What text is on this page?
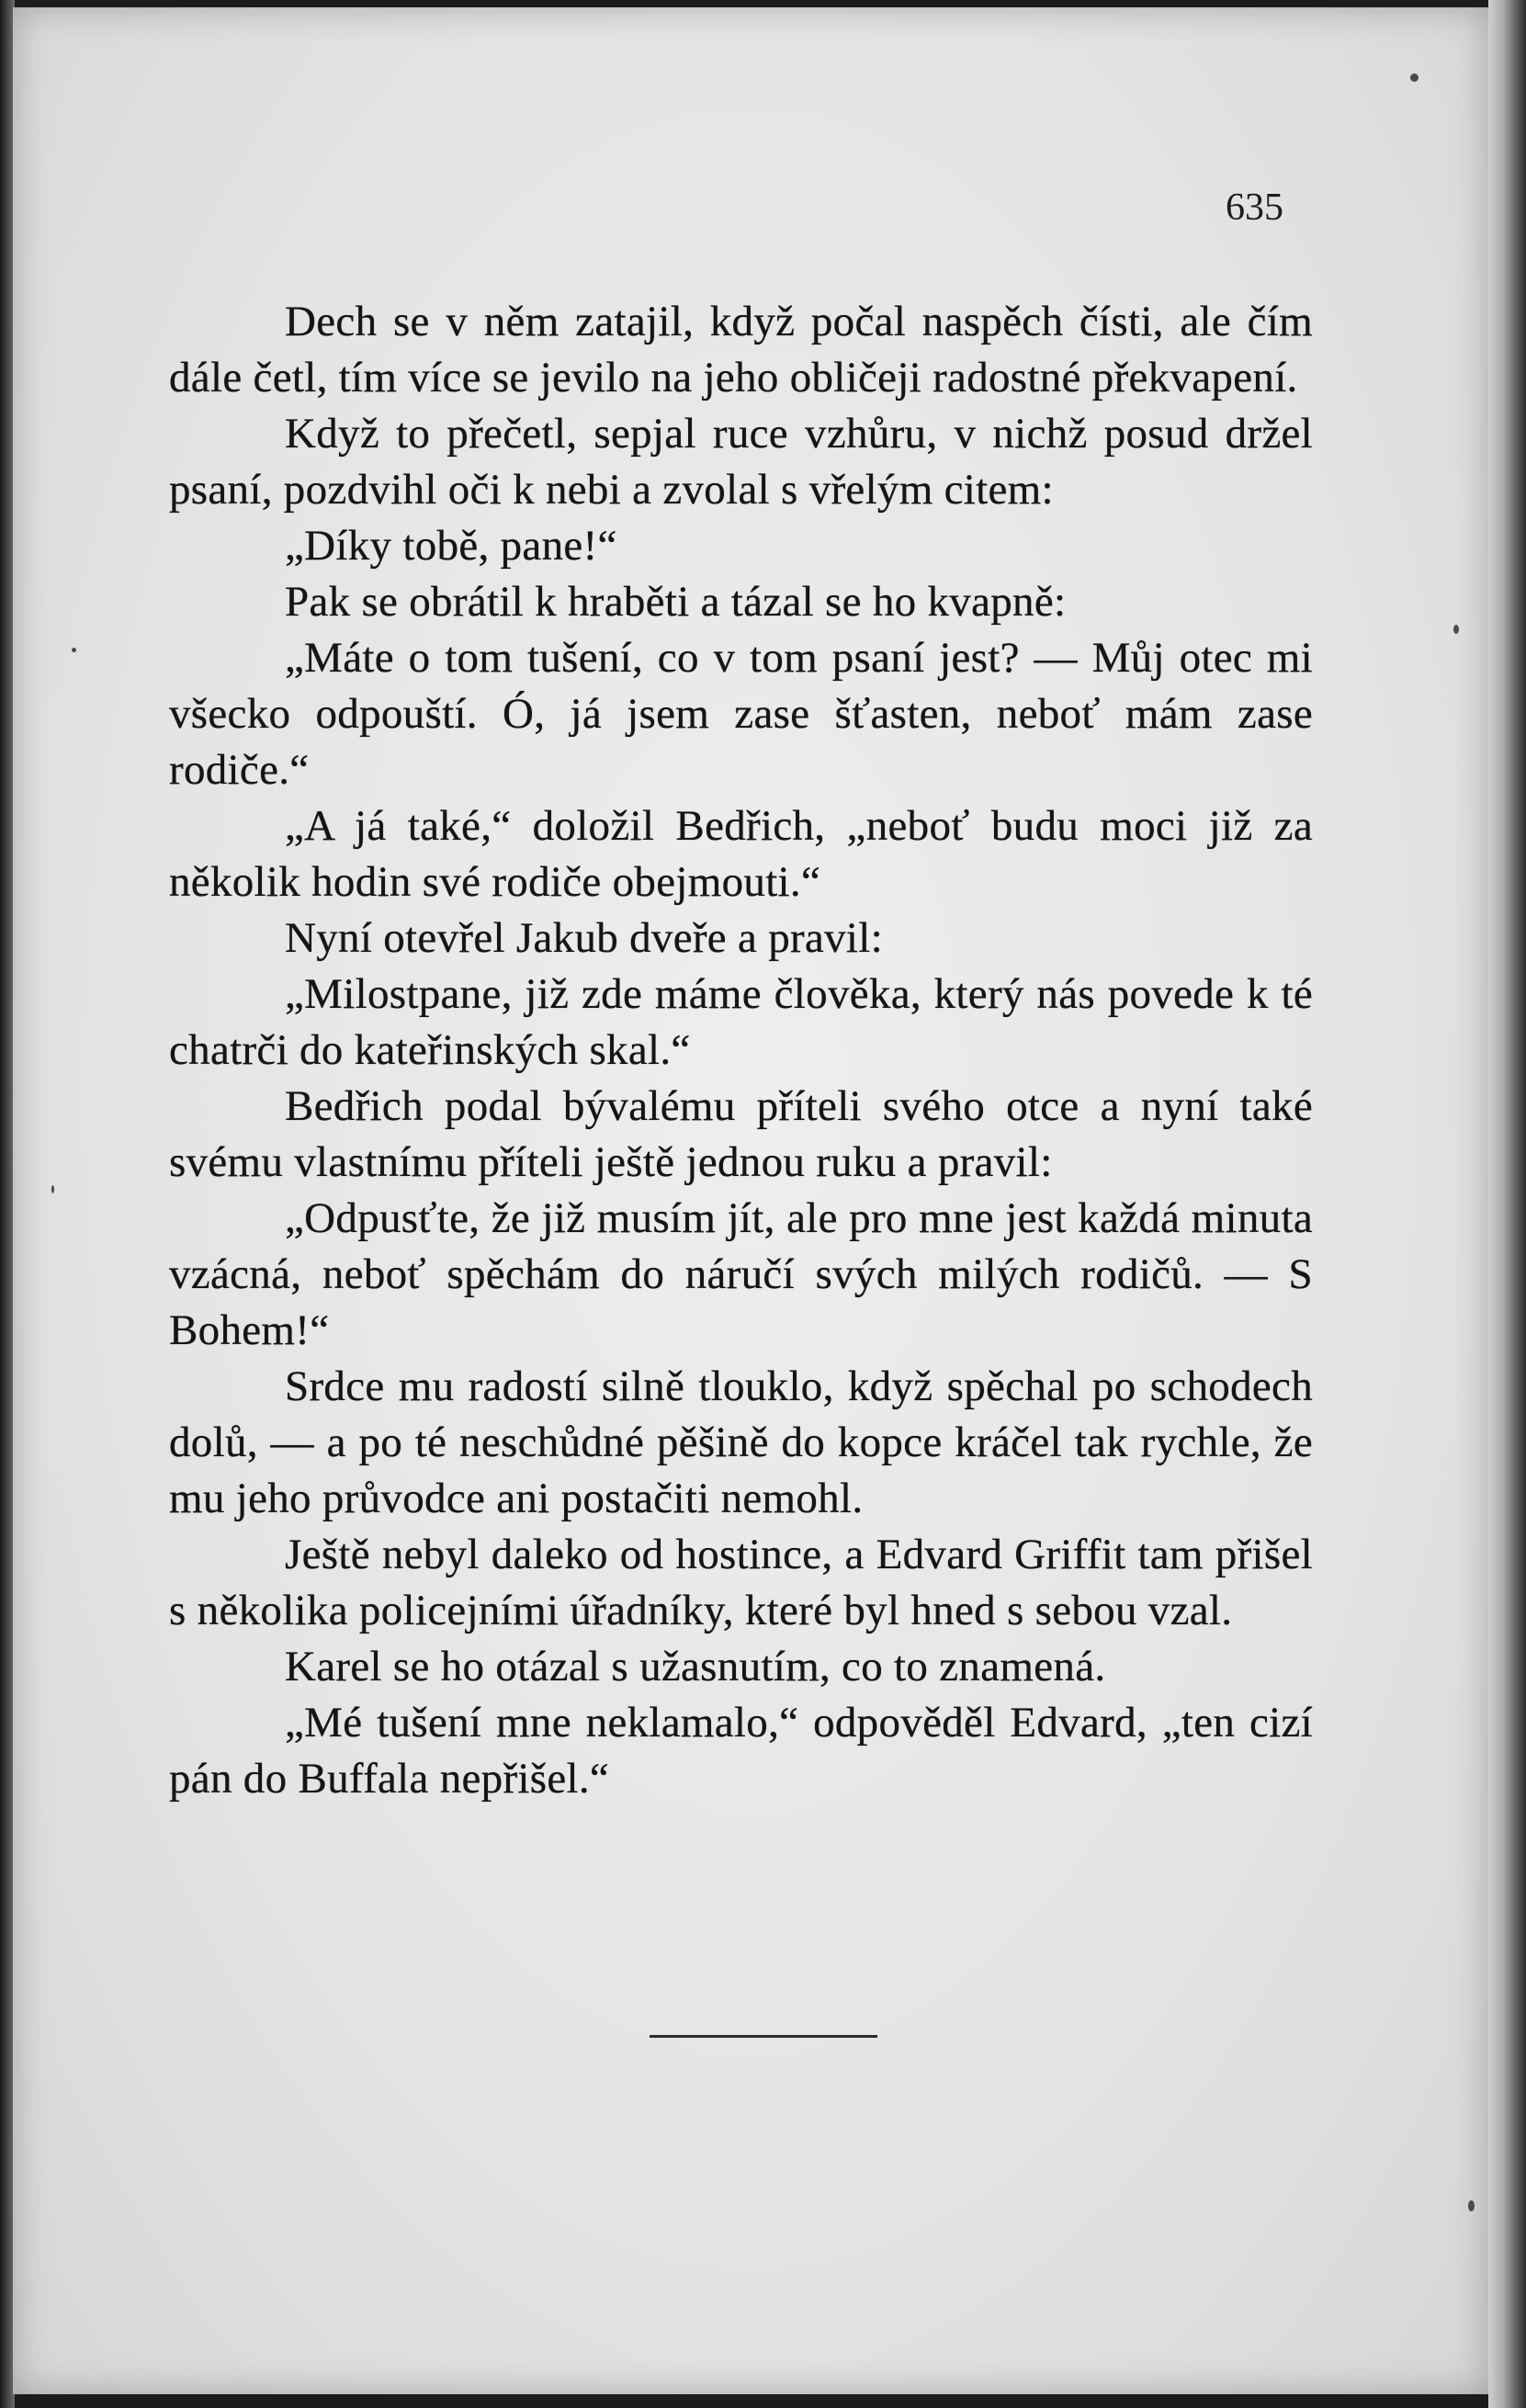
635

Dech se v něm zatajil, když počal naspěch čísti, ale čím dále četl, tím více se jevilo na jeho obličeji radostné překvapení.

Když to přečetl, sepjal ruce vzhůru, v nichž posud držel psaní, pozdvihl oči k nebi a zvolal s vřelým citem:

„Díky tobě, pane!“

Pak se obrátil k hraběti a tázal se ho kvapně:

„Máte o tom tušení, co v tom psaní jest? — Můj otec mi všecko odpouští. Ó, já jsem zase šťasten, neboť mám zase rodiče.“

„A já také,“ doložil Bedřich, „neboť budu moci již za několik hodin své rodiče obejmouti.“

Nyní otevřel Jakub dveře a pravil:

„Milostpane, již zde máme člověka, který nás povede k té chatrči do kateřinských skal.“

Bedřich podal bývalému příteli svého otce a nyní také svému vlastnímu příteli ještě jednou ruku a pravil:

„Odpusťte, že již musím jít, ale pro mne jest každá minuta vzácná, neboť spěchám do náručí svých milých rodičů. — S Bohem!“

Srdce mu radostí silně tlouklo, když spěchal po schodech dolů, — a po té neschůdné pěšině do kopce kráčel tak rychle, že mu jeho průvodce ani postačiti nemohl.

Ještě nebyl daleko od hostince, a Edvard Griffit tam přišel s několika policejními úřadníky, které byl hned s sebou vzal.

Karel se ho otázal s užasnutím, co to znamená.

„Mé tušení mne neklamalo,“ odpověděl Edvard, „ten cizí pán do Buffala nepřišel.“
